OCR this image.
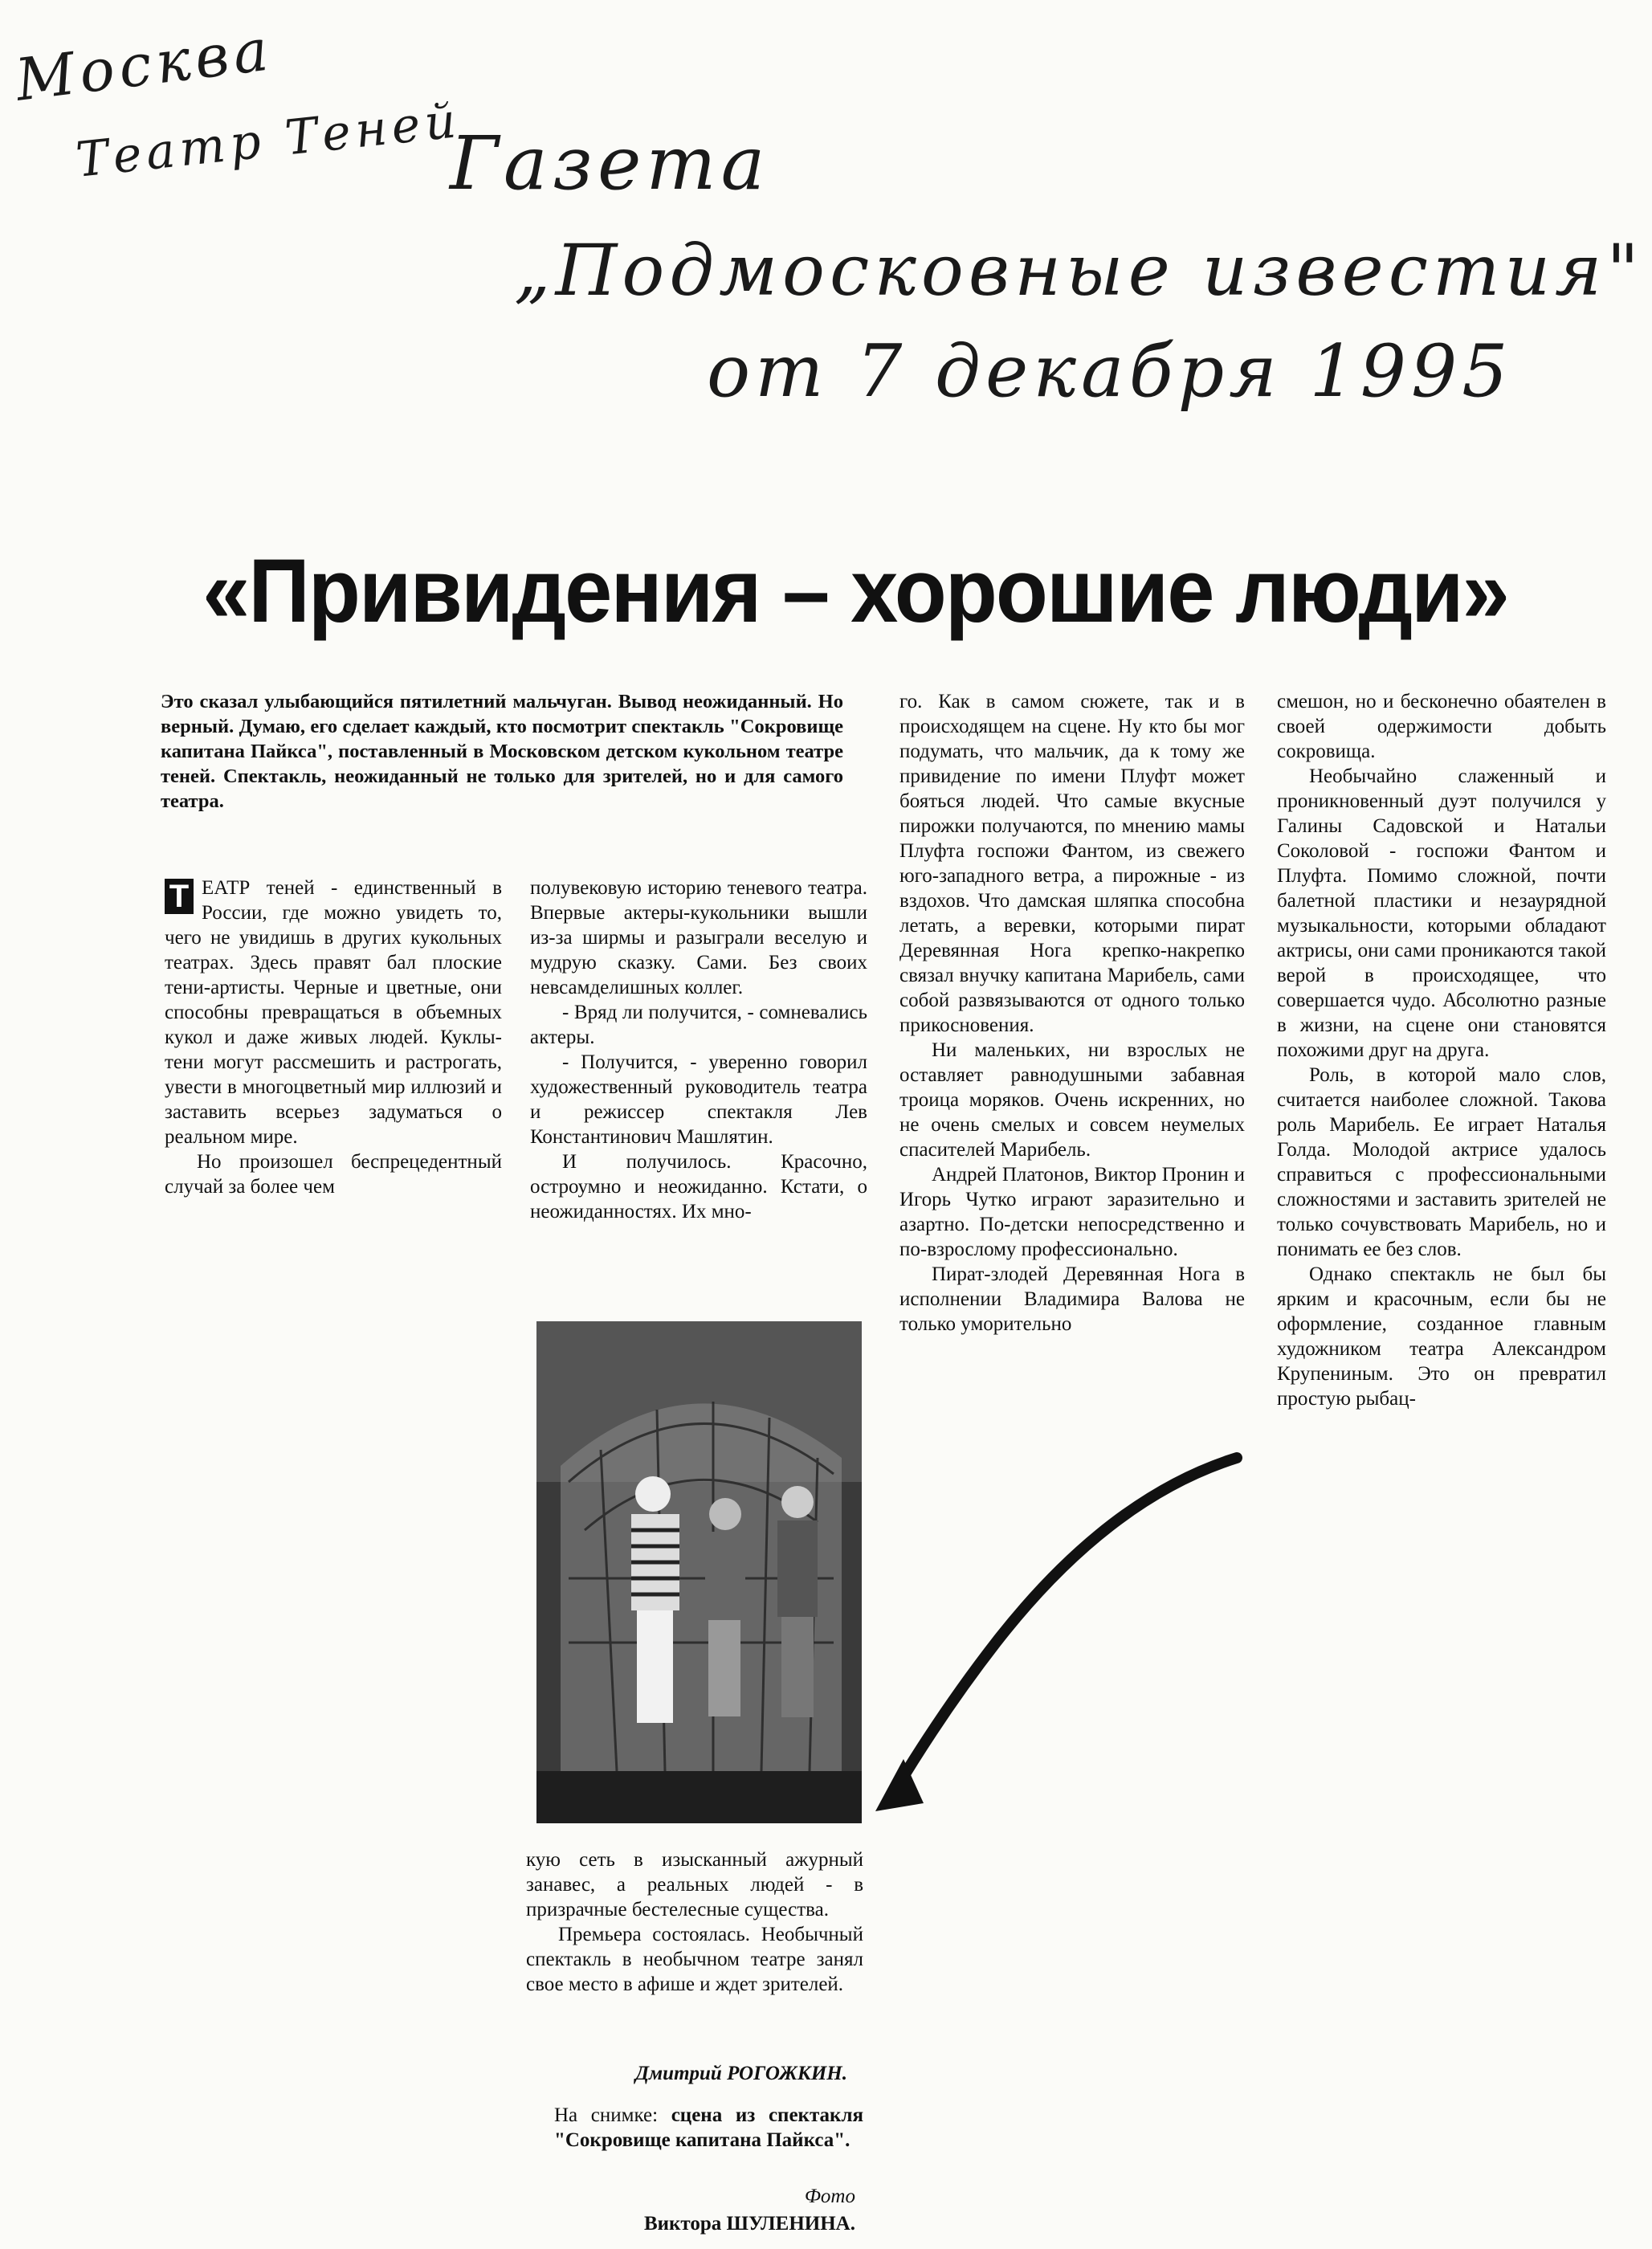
Москва
Театр Теней
Газета
„Подмосковные известия"
от 7 декабря 1995
«Привидения – хорошие люди»

Это сказал улыбающийся пятилетний мальчуган. Вывод неожиданный. Но верный. Думаю, его сделает каждый, кто посмотрит спектакль "Сокровище капитана Пайкса", поставленный в Московском детском кукольном театре теней. Спектакль, неожиданный не только для зрителей, но и для самого театра.

Т ЕАТР теней - единственный в России, где можно увидеть то, чего не увидишь в других кукольных театрах. Здесь правят бал плоские тени-артисты. Черные и цветные, они способны превращаться в объемных кукол и даже живых людей. Куклы-тени могут рассмешить и растрогать, увести в многоцветный мир иллюзий и заставить всерьез задуматься о реальном мире.

Но произошел беспрецедентный случай за более чем

полувековую историю теневого театра. Впервые актеры-кукольники вышли из-за ширмы и разыграли веселую и мудрую сказку. Сами. Без своих невсамделишных коллег.

- Вряд ли получится, - сомневались актеры.

- Получится, - уверенно говорил художественный руководитель театра и режиссер спектакля Лев Константинович Машлятин.

И получилось. Красочно, остроумно и неожиданно. Кстати, о неожиданностях. Их мно-

го. Как в самом сюжете, так и в происходящем на сцене. Ну кто бы мог подумать, что мальчик, да к тому же привидение по имени Плуфт может бояться людей. Что самые вкусные пирожки получаются, по мнению мамы Плуфта госпожи Фантом, из свежего юго-западного ветра, а пирожные - из вздохов. Что дамская шляпка способна летать, а веревки, которыми пират Деревянная Нога крепко-накрепко связал внучку капитана Марибель, сами собой развязываются от одного только прикосновения.

Ни маленьких, ни взрослых не оставляет равнодушными забавная троица моряков. Очень искренних, но не очень смелых и совсем неумелых спасителей Марибель.

Андрей Платонов, Виктор Пронин и Игорь Чутко играют заразительно и азартно. По-детски непосредственно и по-взрослому профессионально.

Пират-злодей Деревянная Нога в исполнении Владимира Валова не только уморительно

смешон, но и бесконечно обаятелен в своей одержимости добыть сокровища.

Необычайно слаженный и проникновенный дуэт получился у Галины Садовской и Натальи Соколовой - госпожи Фантом и Плуфта. Помимо сложной, почти балетной пластики и незаурядной музыкальности, которыми обладают актрисы, они сами проникаются такой верой в происходящее, что совершается чудо. Абсолютно разные в жизни, на сцене они становятся похожими друг на друга.

Роль, в которой мало слов, считается наиболее сложной. Такова роль Марибель. Ее играет Наталья Голда. Молодой актрисе удалось справиться с профессиональными сложностями и заставить зрителей не только сочувствовать Марибель, но и понимать ее без слов.

Однако спектакль не был бы ярким и красочным, если бы не оформление, созданное главным художником театра Александром Крупениным. Это он превратил простую рыбац-

кую сеть в изысканный ажурный занавес, а реальных людей - в призрачные бестелесные существа.

Премьера состоялась. Необычный спектакль в необычном театре занял свое место в афише и ждет зрителей.

Дмитрий РОГОЖКИН.
На снимке: сцена из спектакля "Сокровище капитана Пайкса".
Фото
Виктора ШУЛЕНИНА.
